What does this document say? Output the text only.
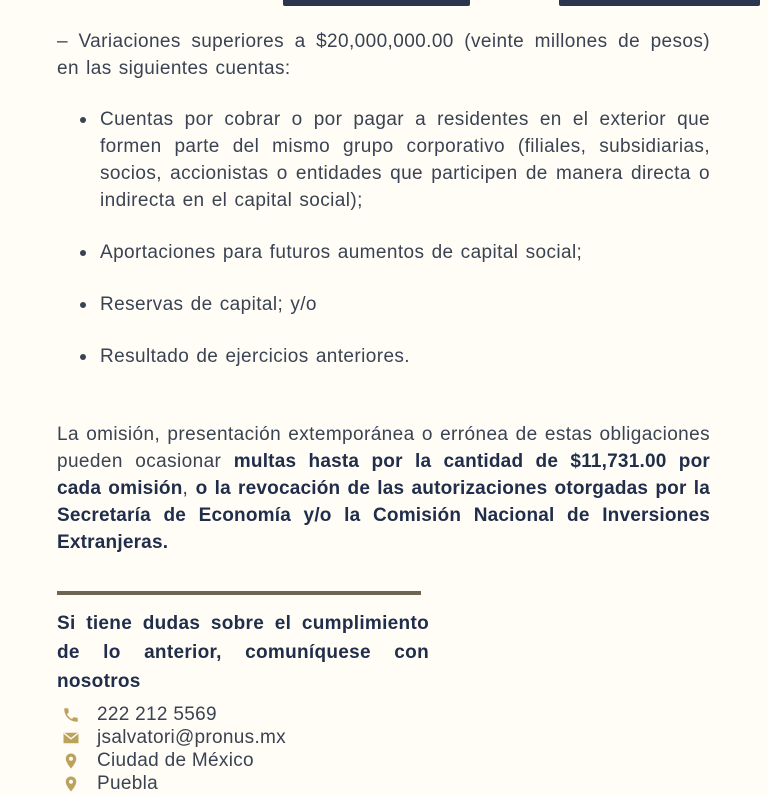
– Variaciones superiores a $20,000,000.00 (veinte millones de pesos) en las siguientes cuentas:

Cuentas por cobrar o por pagar a residentes en el exterior que formen parte del mismo grupo corporativo (filiales, subsidiarias, socios, accionistas o entidades que participen de manera directa o indirecta en el capital social);
Aportaciones para futuros aumentos de capital social;
Reservas de capital; y/o
Resultado de ejercicios anteriores.

La omisión, presentación extemporánea o errónea de estas obligaciones pueden ocasionar multas hasta por la cantidad de $11,731.00 por cada omisión, o la revocación de las autorizaciones otorgadas por la Secretaría de Economía y/o la Comisión Nacional de Inversiones Extranjeras.

Si tiene dudas sobre el cumplimiento de lo anterior, comuníquese con nosotros

222 212 5569
jsalvatori@pronus.mx
Ciudad de México
Puebla
